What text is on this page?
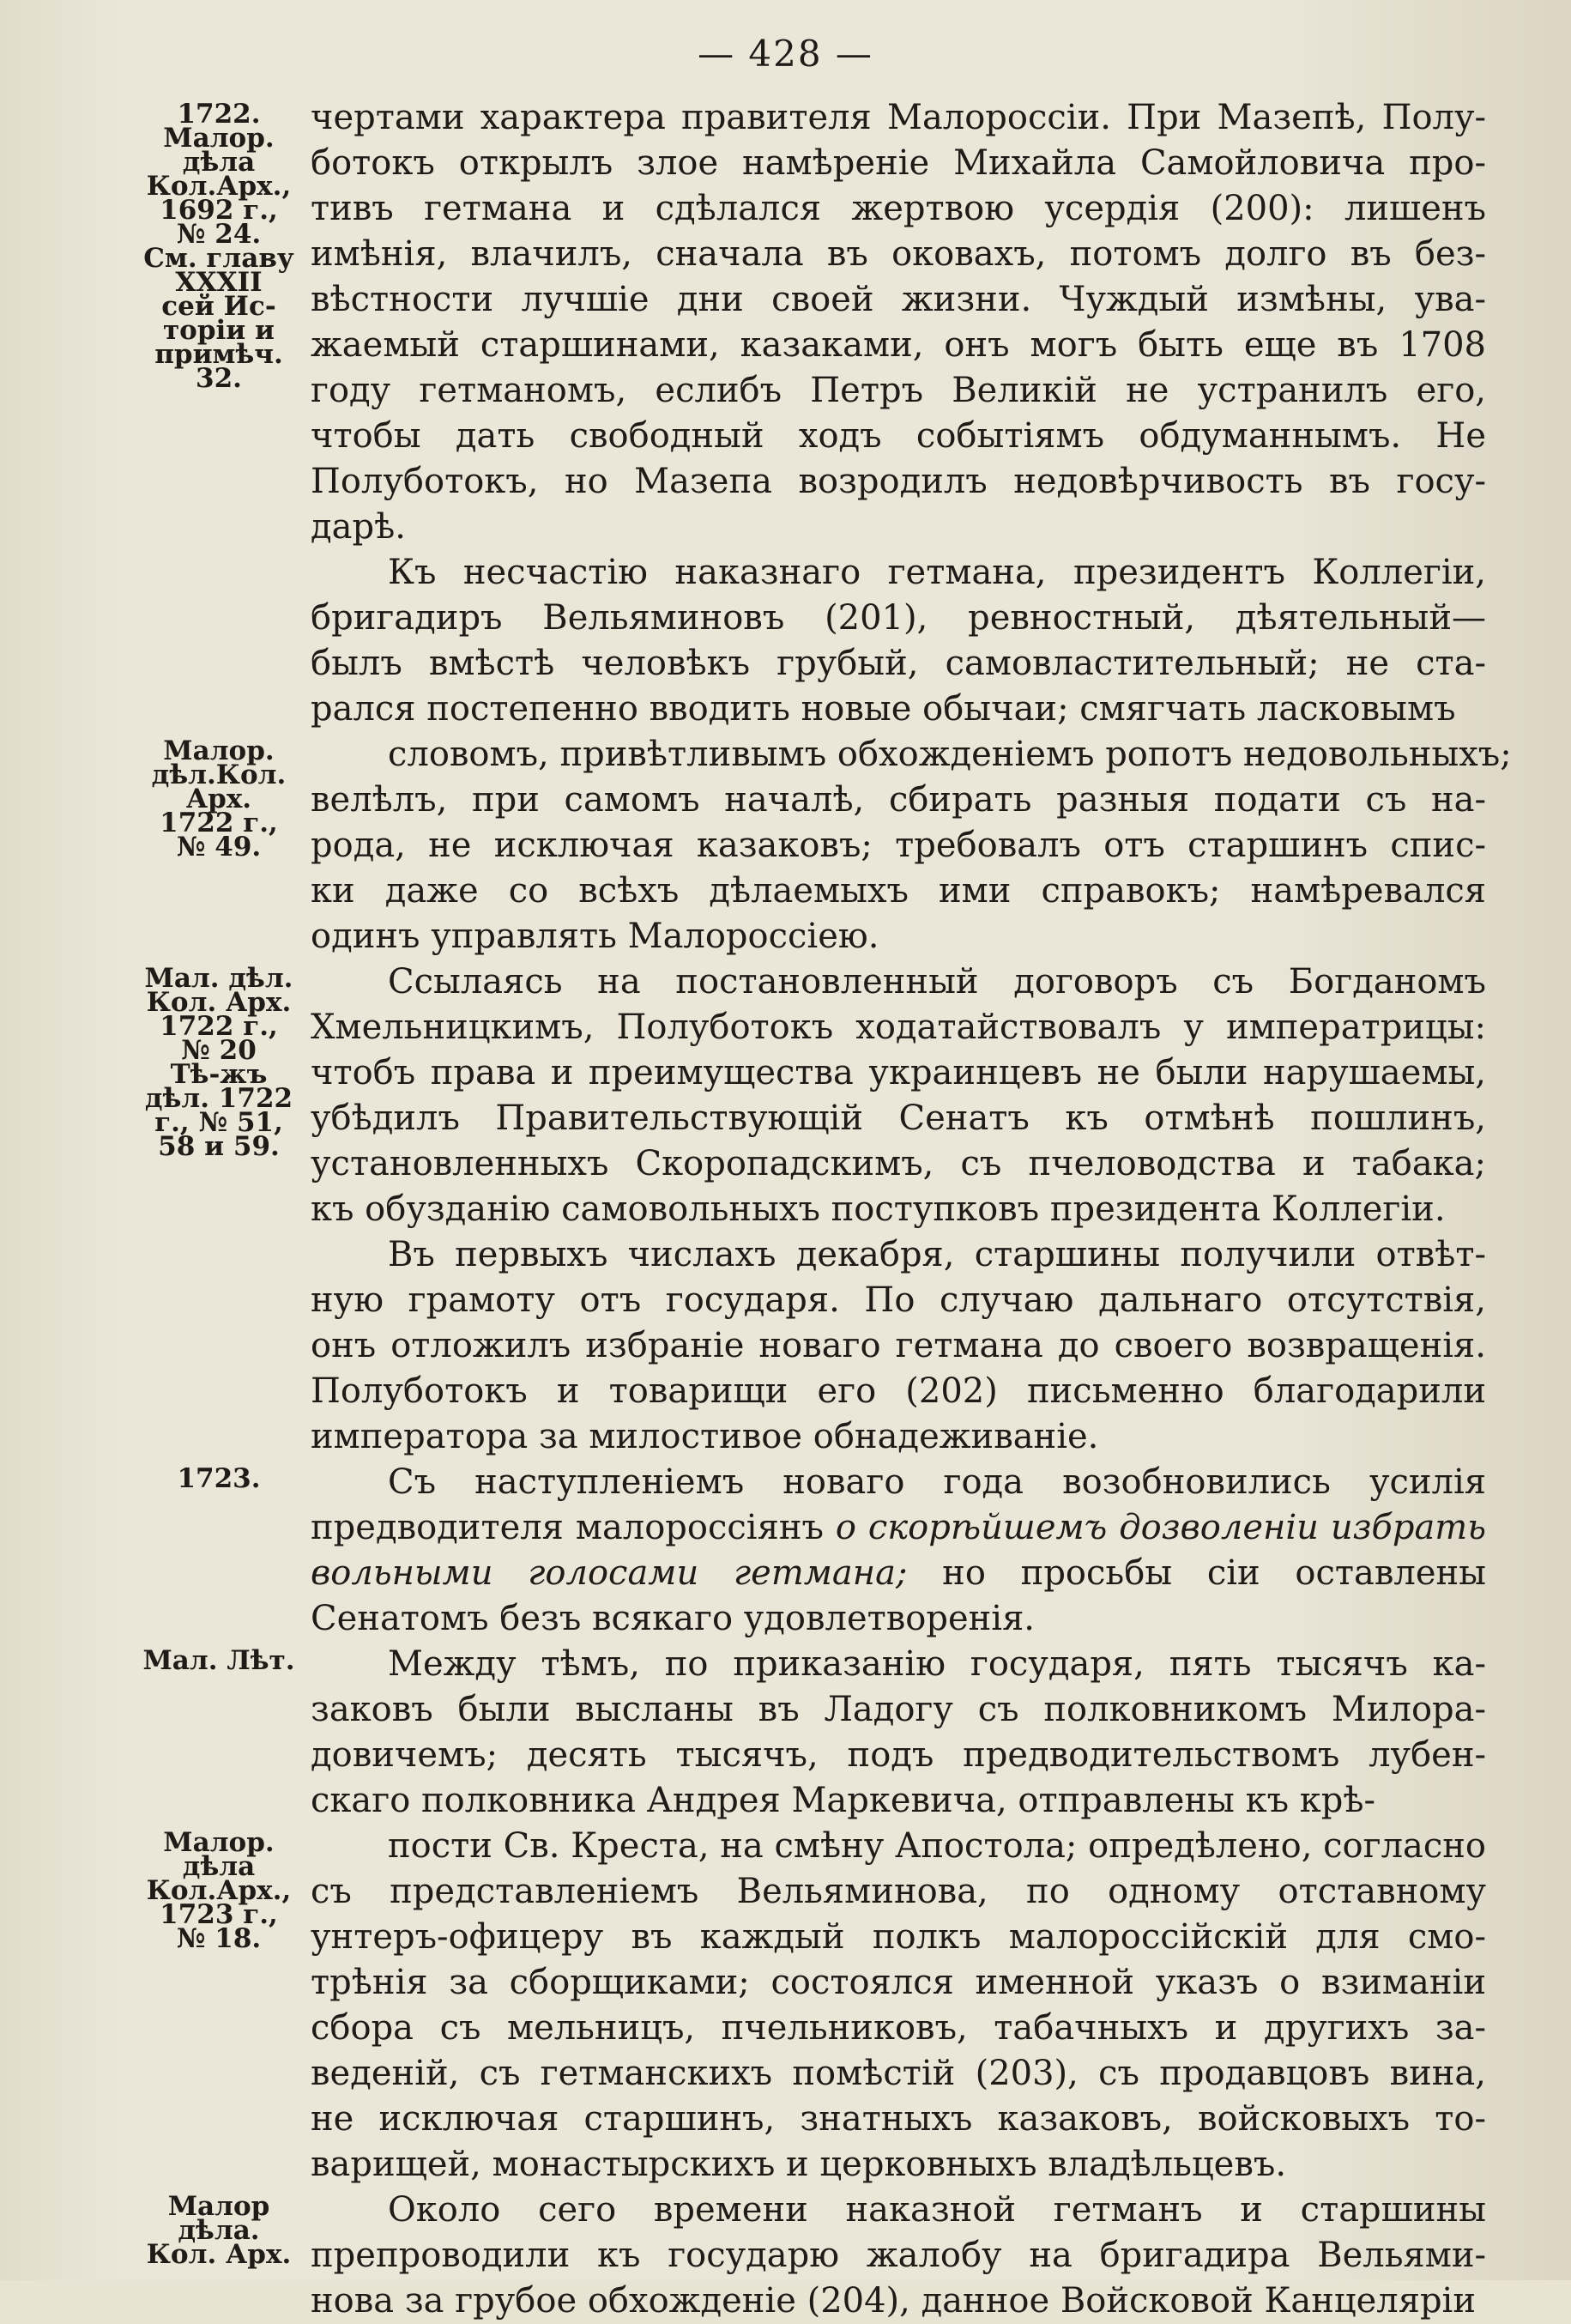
— 428 —
1722.
Малор.
дѣла
Кол.Арх.,
1692 г.,
№ 24.
См. главу
XXXII
сей Ис-
торіи и
примѣч.
32.
чертами характера правителя Малороссіи. При Мазепѣ, Полу-
ботокъ открылъ злое намѣреніе Михайла Самойловича про-
тивъ гетмана и сдѣлался жертвою усердія (200): лишенъ
имѣнія, влачилъ, сначала въ оковахъ, потомъ долго въ без-
вѣстности лучшіе дни своей жизни. Чуждый измѣны, ува-
жаемый старшинами, казаками, онъ могъ быть еще въ 1708
году гетманомъ, еслибъ Петръ Великій не устранилъ его,
чтобы дать свободный ходъ событіямъ обдуманнымъ. Не
Полуботокъ, но Мазепа возродилъ недовѣрчивость въ госу-
дарѣ.
Къ несчастію наказнаго гетмана, президентъ Коллегіи,
бригадиръ Вельяминовъ (201), ревностный, дѣятельный—
былъ вмѣстѣ человѣкъ грубый, самовластительный; не ста-
рался постепенно вводить новые обычаи; смягчать ласковымъ
Малор.
дѣл.Кол.
Арх.
1722 г.,
№ 49.
словомъ, привѣтливымъ обхожденіемъ ропотъ недовольныхъ;
велѣлъ, при самомъ началѣ, сбирать разныя подати съ на-
рода, не исключая казаковъ; требовалъ отъ старшинъ спис-
ки даже со всѣхъ дѣлаемыхъ ими справокъ; намѣревался
одинъ управлять Малороссіею.
Мал. дѣл.
Кол. Арх.
1722 г.,
№ 20
Тѣ-жъ
дѣл. 1722
г., № 51,
58 и 59.
Ссылаясь на постановленный договоръ съ Богданомъ
Хмельницкимъ, Полуботокъ ходатайствовалъ у императрицы:
чтобъ права и преимущества украинцевъ не были нарушаемы,
убѣдилъ Правительствующій Сенатъ къ отмѣнѣ пошлинъ,
установленныхъ Скоропадскимъ, съ пчеловодства и табака;
къ обузданію самовольныхъ поступковъ президента Коллегіи.
Въ первыхъ числахъ декабря, старшины получили отвѣт-
ную грамоту отъ государя. По случаю дальнаго отсутствія,
онъ отложилъ избраніе новаго гетмана до своего возвращенія.
Полуботокъ и товарищи его (202) письменно благодарили
императора за милостивое обнадеживаніе.
1723.	Съ наступленіемъ новаго года возобновились усилія
предводителя малороссіянъ о скорѣйшемъ дозволеніи избрать
вольными голосами гетмана; но просьбы сіи оставлены
Сенатомъ безъ всякаго удовлетворенія.
Мал. Лѣт.	Между тѣмъ, по приказанію государя, пять тысячъ ка-
заковъ были высланы въ Ладогу съ полковникомъ Милора-
довичемъ; десять тысячъ, подъ предводительствомъ лубен-
скаго полковника Андрея Маркевича, отправлены къ крѣ-
Малор.
дѣла
Кол.Арх.,
1723 г.,
№ 18.
пости Св. Креста, на смѣну Апостола; опредѣлено, согласно
съ представленіемъ Вельяминова, по одному отставному
унтеръ-офицеру въ каждый полкъ малороссійскій для смо-
трѣнія за сборщиками; состоялся именной указъ о взиманіи
сбора съ мельницъ, пчельниковъ, табачныхъ и другихъ за-
веденій, съ гетманскихъ помѣстій (203), съ продавцовъ вина,
не исключая старшинъ, знатныхъ казаковъ, войсковыхъ то-
варищей, монастырскихъ и церковныхъ владѣльцевъ.
Малор
дѣла.
Кол. Арх.
Около сего времени наказной гетманъ и старшины
препроводили къ государю жалобу на бригадира Вельями-
нова за грубое обхожденіе (204), данное Войсковой Канцеляріи
